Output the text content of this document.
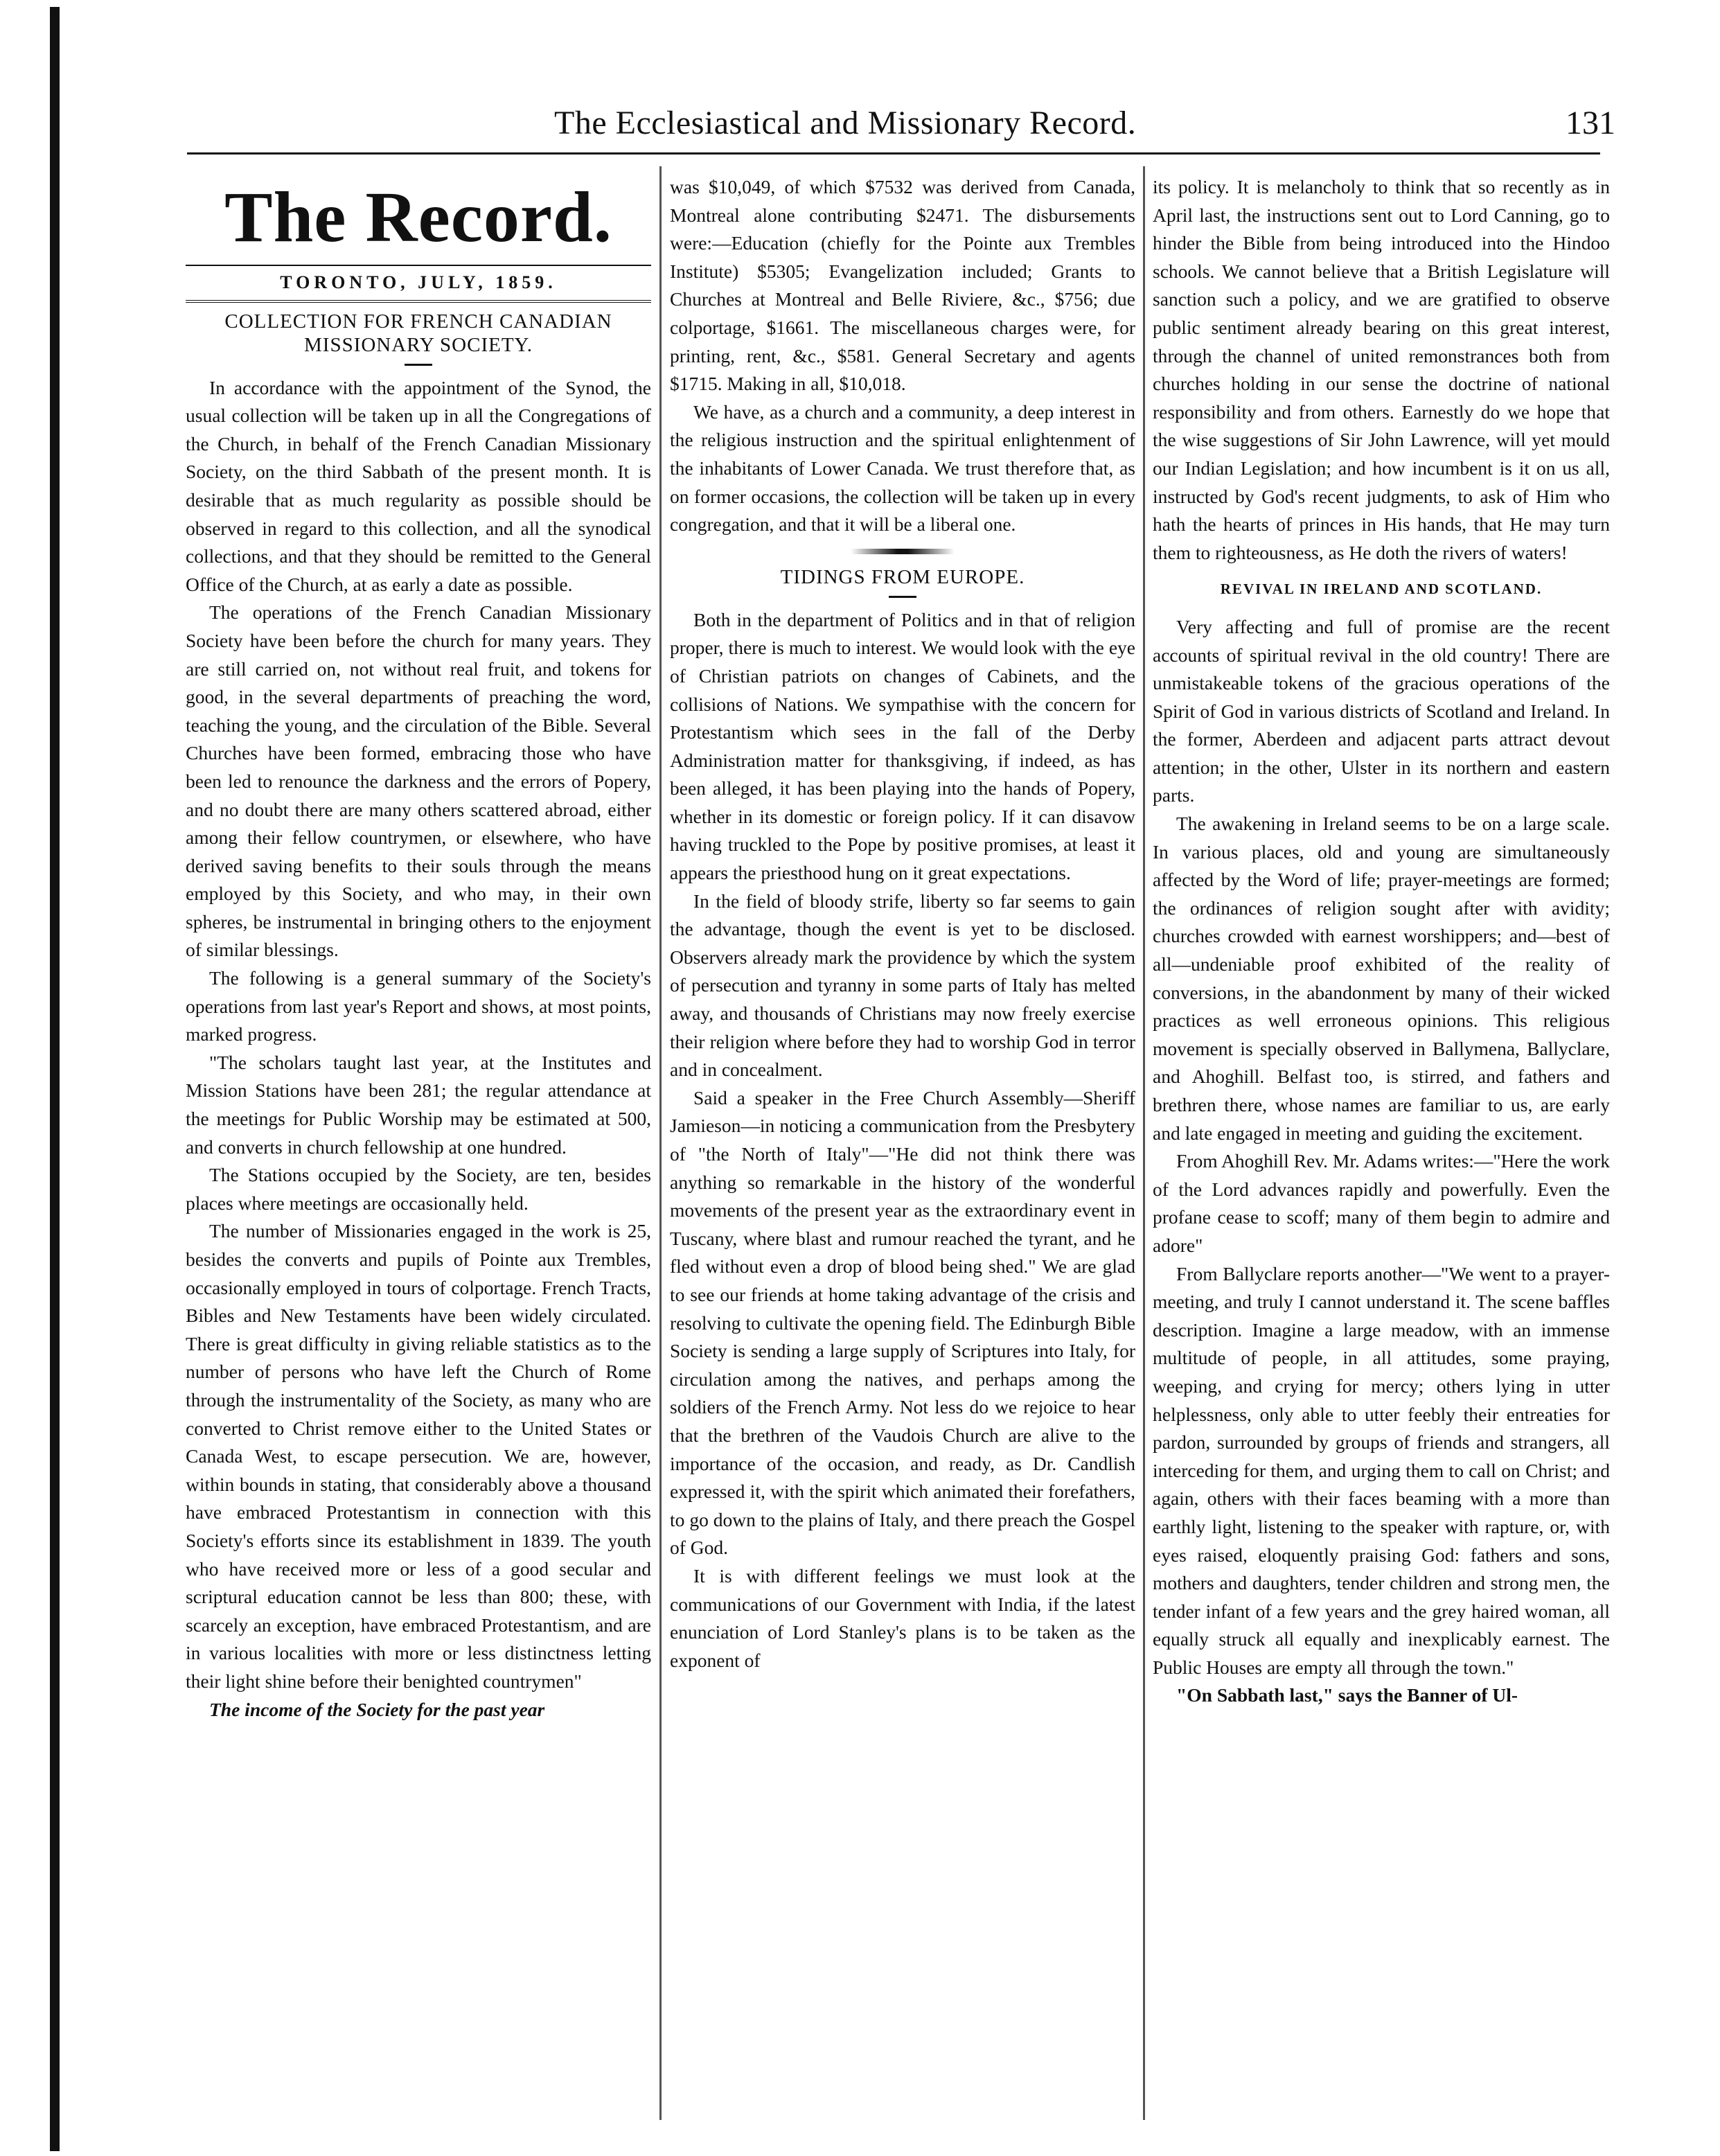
The Ecclesiastical and Missionary Record.	131
The Record.
TORONTO, JULY, 1859.
COLLECTION FOR FRENCH CANADIAN MISSIONARY SOCIETY.

In accordance with the appointment of the Synod, the usual collection will be taken up in all the Congregations of the Church, in behalf of the French Canadian Missionary Society, on the third Sabbath of the present month. It is desirable that as much regularity as possible should be observed in regard to this collection, and all the synodical collections, and that they should be remitted to the General Office of the Church, at as early a date as possible.

The operations of the French Canadian Missionary Society have been before the church for many years. They are still carried on, not without real fruit, and tokens for good, in the several departments of preaching the word, teaching the young, and the circulation of the Bible. Several Churches have been formed, embracing those who have been led to renounce the darkness and the errors of Popery, and no doubt there are many others scattered abroad, either among their fellow countrymen, or elsewhere, who have derived saving benefits to their souls through the means employed by this Society, and who may, in their own spheres, be instrumental in bringing others to the enjoyment of similar blessings.

The following is a general summary of the Society's operations from last year's Report and shows, at most points, marked progress.

"The scholars taught last year, at the Institutes and Mission Stations have been 281; the regular attendance at the meetings for Public Worship may be estimated at 500, and converts in church fellowship at one hundred.

The Stations occupied by the Society, are ten, besides places where meetings are occasionally held.

The number of Missionaries engaged in the work is 25, besides the converts and pupils of Pointe aux Trembles, occasionally employed in tours of colportage. French Tracts, Bibles and New Testaments have been widely circulated. There is great difficulty in giving reliable statistics as to the number of persons who have left the Church of Rome through the instrumentality of the Society, as many who are converted to Christ remove either to the United States or Canada West, to escape persecution. We are, however, within bounds in stating, that considerably above a thousand have embraced Protestantism in connection with this Society's efforts since its establishment in 1839. The youth who have received more or less of a good secular and scriptural education cannot be less than 800; these, with scarcely an exception, have embraced Protestantism, and are in various localities with more or less distinctness letting their light shine before their benighted countrymen"

The income of the Society for the past year

was $10,049, of which $7532 was derived from Canada, Montreal alone contributing $2471. The disbursements were:—Education (chiefly for the Pointe aux Trembles Institute) $5305; Evangelization included; Grants to Churches at Montreal and Belle Riviere, &c., $756; due colportage, $1661. The miscellaneous charges were, for printing, rent, &c., $581. General Secretary and agents $1715. Making in all, $10,018.

We have, as a church and a community, a deep interest in the religious instruction and the spiritual enlightenment of the inhabitants of Lower Canada. We trust therefore that, as on former occasions, the collection will be taken up in every congregation, and that it will be a liberal one.

TIDINGS FROM EUROPE.

Both in the department of Politics and in that of religion proper, there is much to interest. We would look with the eye of Christian patriots on changes of Cabinets, and the collisions of Nations. We sympathise with the concern for Protestantism which sees in the fall of the Derby Administration matter for thanksgiving, if indeed, as has been alleged, it has been playing into the hands of Popery, whether in its domestic or foreign policy. If it can disavow having truckled to the Pope by positive promises, at least it appears the priesthood hung on it great expectations.

In the field of bloody strife, liberty so far seems to gain the advantage, though the event is yet to be disclosed. Observers already mark the providence by which the system of persecution and tyranny in some parts of Italy has melted away, and thousands of Christians may now freely exercise their religion where before they had to worship God in terror and in concealment.

Said a speaker in the Free Church Assembly—Sheriff Jamieson—in noticing a communication from the Presbytery of "the North of Italy"—"He did not think there was anything so remarkable in the history of the wonderful movements of the present year as the extraordinary event in Tuscany, where blast and rumour reached the tyrant, and he fled without even a drop of blood being shed." We are glad to see our friends at home taking advantage of the crisis and resolving to cultivate the opening field. The Edinburgh Bible Society is sending a large supply of Scriptures into Italy, for circulation among the natives, and perhaps among the soldiers of the French Army. Not less do we rejoice to hear that the brethren of the Vaudois Church are alive to the importance of the occasion, and ready, as Dr. Candlish expressed it, with the spirit which animated their forefathers, to go down to the plains of Italy, and there preach the Gospel of God.

It is with different feelings we must look at the communications of our Government with India, if the latest enunciation of Lord Stanley's plans is to be taken as the exponent of

its policy. It is melancholy to think that so recently as in April last, the instructions sent out to Lord Canning, go to hinder the Bible from being introduced into the Hindoo schools. We cannot believe that a British Legislature will sanction such a policy, and we are gratified to observe public sentiment already bearing on this great interest, through the channel of united remonstrances both from churches holding in our sense the doctrine of national responsibility and from others. Earnestly do we hope that the wise suggestions of Sir John Lawrence, will yet mould our Indian Legislation; and how incumbent is it on us all, instructed by God's recent judgments, to ask of Him who hath the hearts of princes in His hands, that He may turn them to righteousness, as He doth the rivers of waters!

REVIVAL IN IRELAND AND SCOTLAND.

Very affecting and full of promise are the recent accounts of spiritual revival in the old country! There are unmistakeable tokens of the gracious operations of the Spirit of God in various districts of Scotland and Ireland. In the former, Aberdeen and adjacent parts attract devout attention; in the other, Ulster in its northern and eastern parts.

The awakening in Ireland seems to be on a large scale. In various places, old and young are simultaneously affected by the Word of life; prayer-meetings are formed; the ordinances of religion sought after with avidity; churches crowded with earnest worshippers; and—best of all—undeniable proof exhibited of the reality of conversions, in the abandonment by many of their wicked practices as well erroneous opinions. This religious movement is specially observed in Ballymena, Ballyclare, and Ahoghill. Belfast too, is stirred, and fathers and brethren there, whose names are familiar to us, are early and late engaged in meeting and guiding the excitement.

From Ahoghill Rev. Mr. Adams writes:—"Here the work of the Lord advances rapidly and powerfully. Even the profane cease to scoff; many of them begin to admire and adore"

From Ballyclare reports another—"We went to a prayer-meeting, and truly I cannot understand it. The scene baffles description. Imagine a large meadow, with an immense multitude of people, in all attitudes, some praying, weeping, and crying for mercy; others lying in utter helplessness, only able to utter feebly their entreaties for pardon, surrounded by groups of friends and strangers, all interceding for them, and urging them to call on Christ; and again, others with their faces beaming with a more than earthly light, listening to the speaker with rapture, or, with eyes raised, eloquently praising God: fathers and sons, mothers and daughters, tender children and strong men, the tender infant of a few years and the grey haired woman, all equally struck all equally and inexplicably earnest. The Public Houses are empty all through the town."

"On Sabbath last," says the Banner of Ul-
